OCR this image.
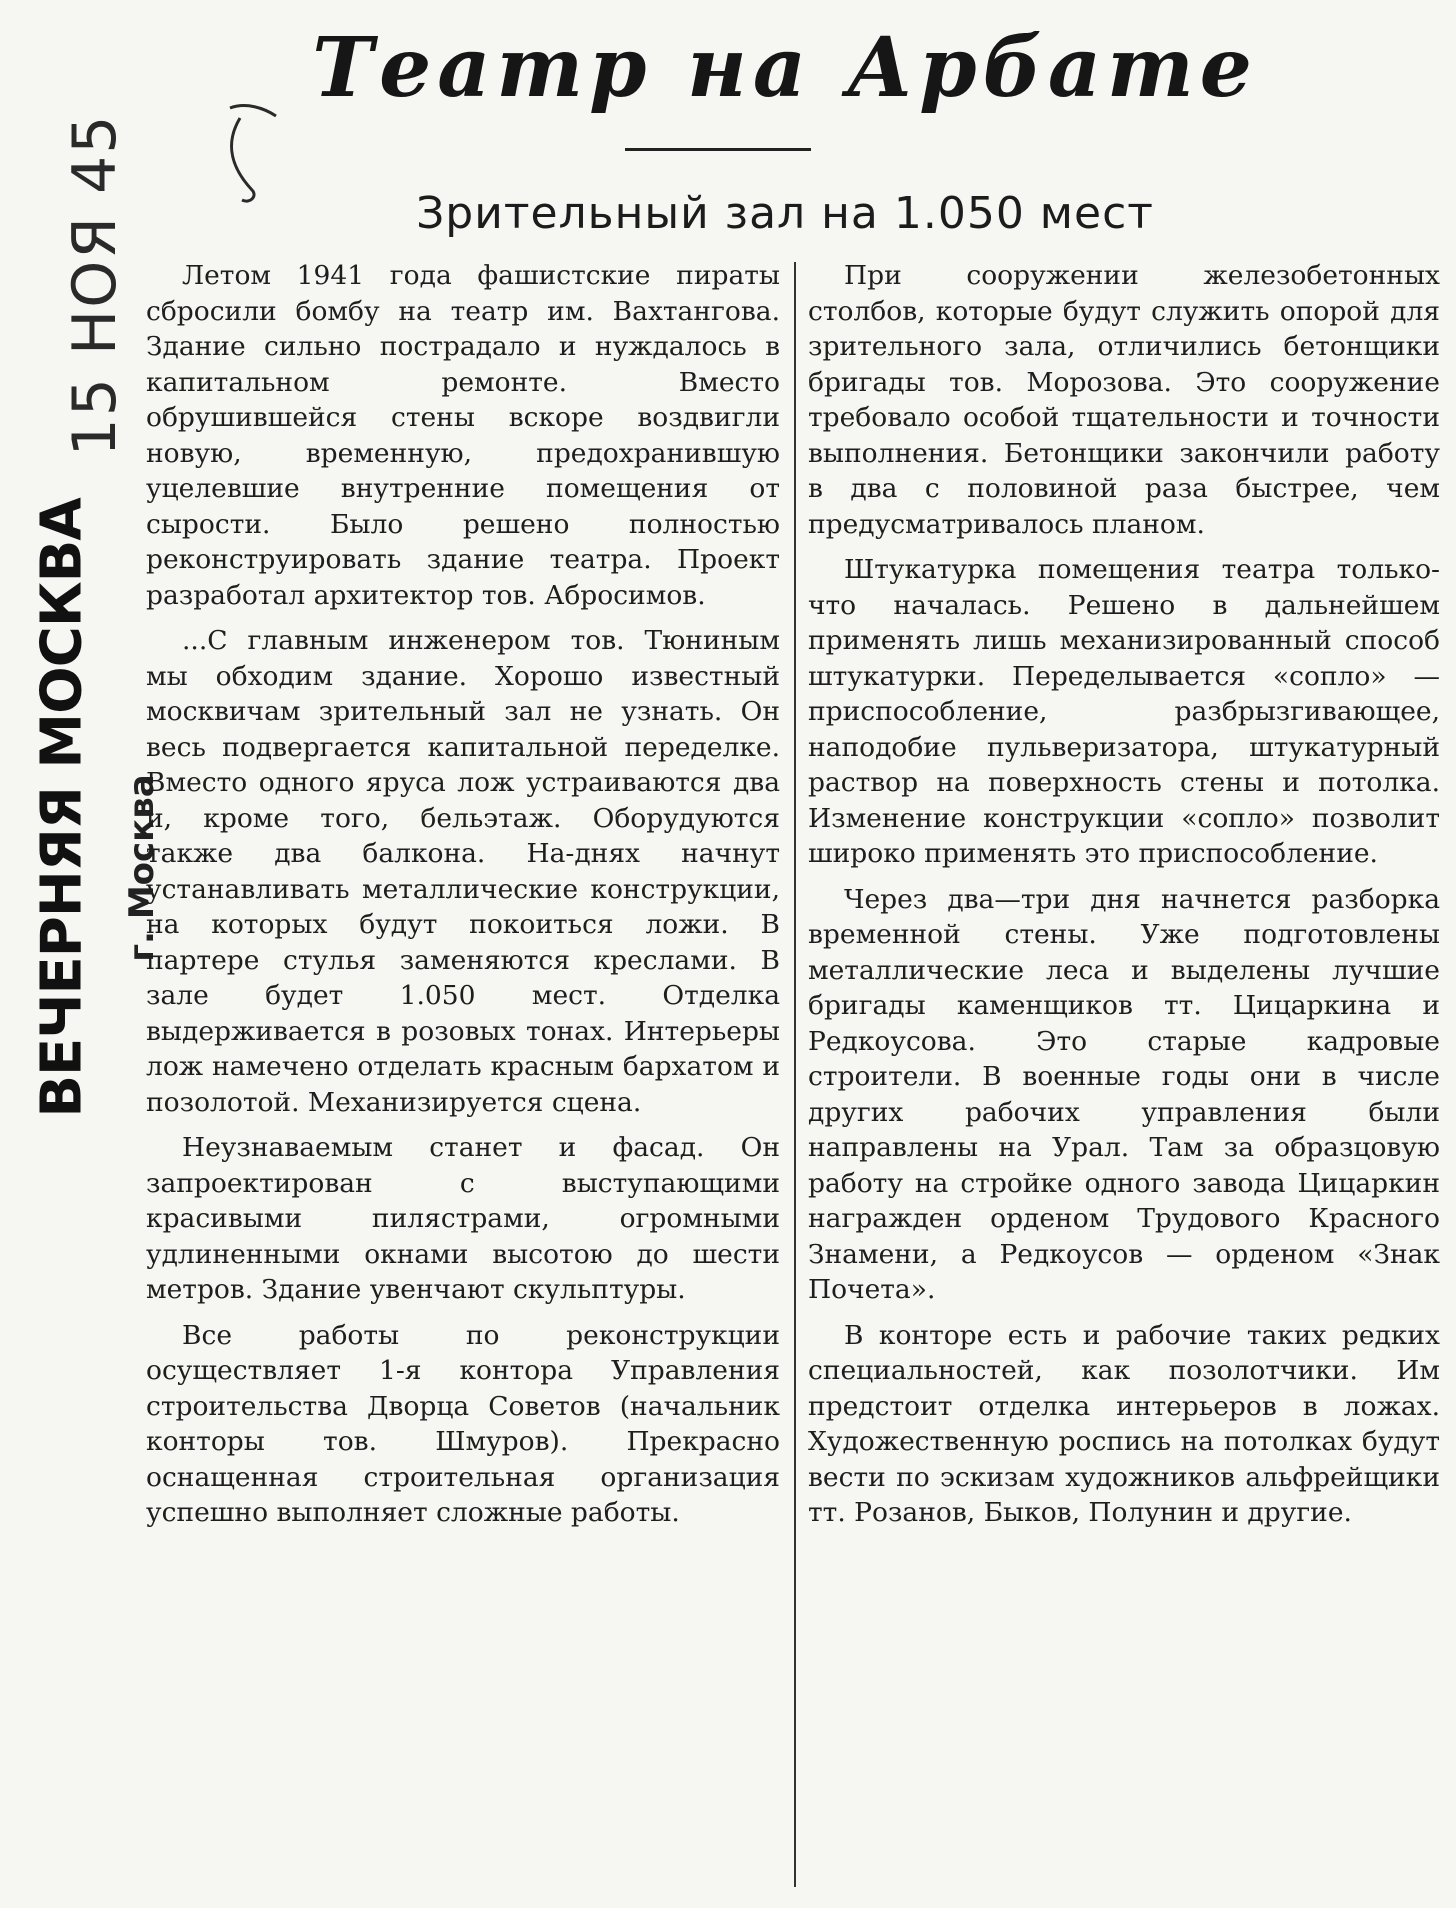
15 НОЯ 45
ВЕЧЕРНЯЯ МОСКВА г. Москва
Театр на Арбате
Зрительный зал на 1.050 мест

Летом 1941 года фашистские пираты сбросили бомбу на театр им. Вахтангова. Здание сильно пострадало и нуждалось в капитальном ремонте. Вместо обрушившейся стены вскоре воздвигли новую, временную, предохранившую уцелевшие внутренние помещения от сырости. Было решено полностью реконструировать здание театра. Проект разработал архитектор тов. Абросимов.

...С главным инженером тов. Тюниным мы обходим здание. Хорошо известный москвичам зрительный зал не узнать. Он весь подвергается капитальной переделке. Вместо одного яруса лож устраиваются два и, кроме того, бельэтаж. Оборудуются также два балкона. На-днях начнут устанавливать металлические конструкции, на которых будут покоиться ложи. В партере стулья заменяются креслами. В зале будет 1.050 мест. Отделка выдерживается в розовых тонах. Интерьеры лож намечено отделать красным бархатом и позолотой. Механизируется сцена.

Неузнаваемым станет и фасад. Он запроектирован с выступающими красивыми пилястрами, огромными удлиненными окнами высотою до шести метров. Здание увенчают скульптуры.

Все работы по реконструкции осуществляет 1-я контора Управления строительства Дворца Советов (начальник конторы тов. Шмуров). Прекрасно оснащенная строительная организация успешно выполняет сложные работы.

При сооружении железобетонных столбов, которые будут служить опорой для зрительного зала, отличились бетонщики бригады тов. Морозова. Это сооружение требовало особой тщательности и точности выполнения. Бетонщики закончили работу в два с половиной раза быстрее, чем предусматривалось планом.

Штукатурка помещения театра только-что началась. Решено в дальнейшем применять лишь механизированный способ штукатурки. Переделывается «сопло» — приспособление, разбрызгивающее, наподобие пульверизатора, штукатурный раствор на поверхность стены и потолка. Изменение конструкции «сопло» позволит широко применять это приспособление.

Через два—три дня начнется разборка временной стены. Уже подготовлены металлические леса и выделены лучшие бригады каменщиков тт. Цицаркина и Редкоусова. Это старые кадровые строители. В военные годы они в числе других рабочих управления были направлены на Урал. Там за образцовую работу на стройке одного завода Цицаркин награжден орденом Трудового Красного Знамени, а Редкоусов — орденом «Знак Почета».

В конторе есть и рабочие таких редких специальностей, как позолотчики. Им предстоит отделка интерьеров в ложах. Художественную роспись на потолках будут вести по эскизам художников альфрейщики тт. Розанов, Быков, Полунин и другие.
